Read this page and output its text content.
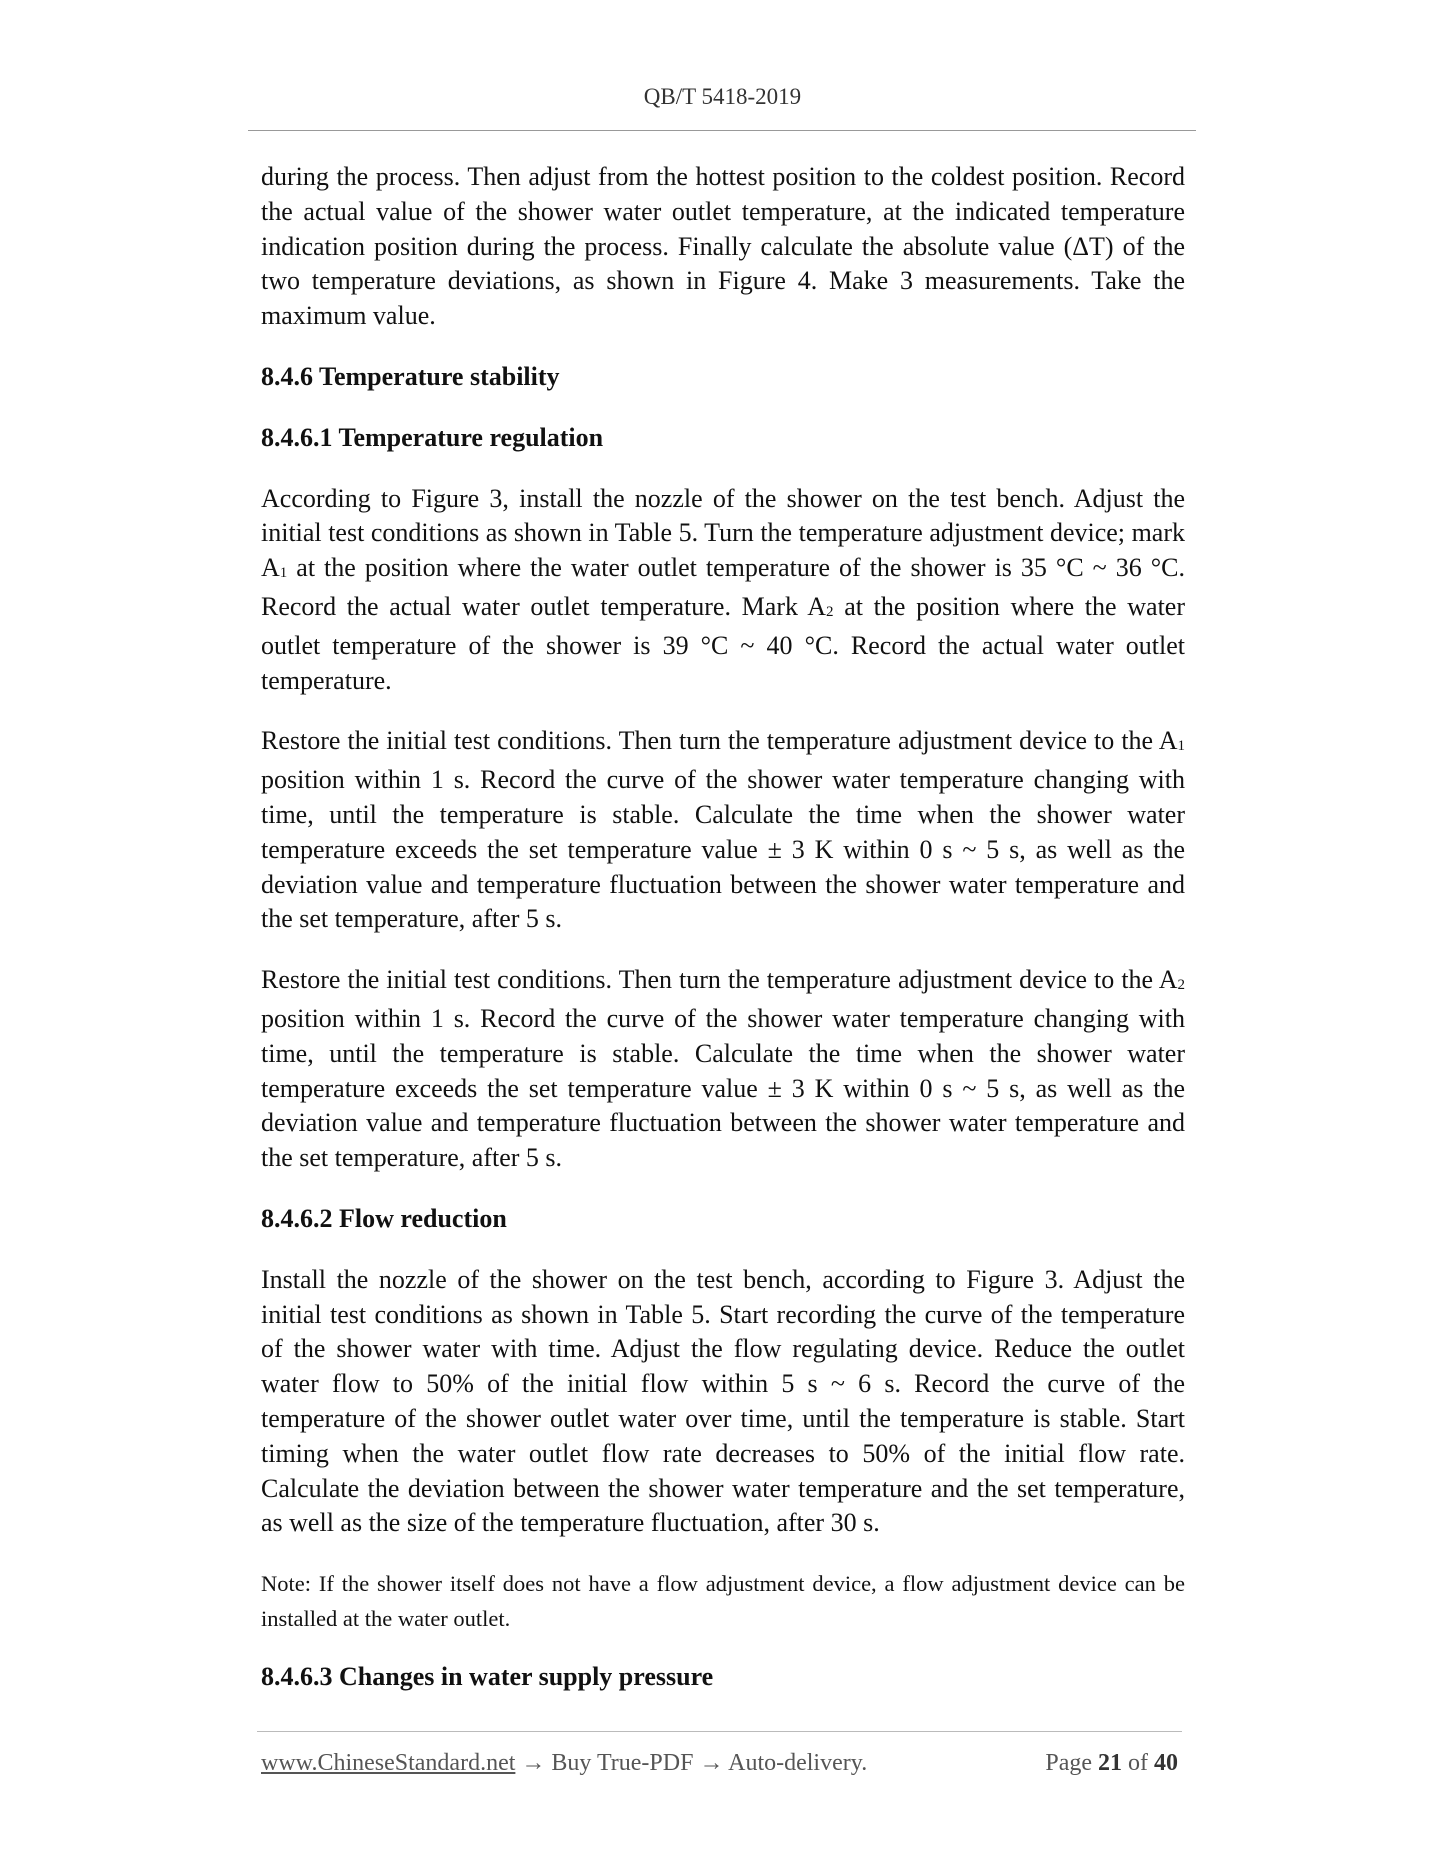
QB/T 5418-2019

during the process. Then adjust from the hottest position to the coldest position. Record the actual value of the shower water outlet temperature, at the indicated temperature indication position during the process. Finally calculate the absolute value (ΔT) of the two temperature deviations, as shown in Figure 4. Make 3 measurements. Take the maximum value.

8.4.6 Temperature stability
8.4.6.1 Temperature regulation

According to Figure 3, install the nozzle of the shower on the test bench. Adjust the initial test conditions as shown in Table 5. Turn the temperature adjustment device; mark $A_1$ at the position where the water outlet temperature of the shower is 35 °C ~ 36 °C. Record the actual water outlet temperature. Mark $A_2$ at the position where the water outlet temperature of the shower is 39 °C ~ 40 °C. Record the actual water outlet temperature.

Restore the initial test conditions. Then turn the temperature adjustment device to the $A_1$ position within 1 s. Record the curve of the shower water temperature changing with time, until the temperature is stable. Calculate the time when the shower water temperature exceeds the set temperature value ± 3 K within 0 s ~ 5 s, as well as the deviation value and temperature fluctuation between the shower water temperature and the set temperature, after 5 s.

Restore the initial test conditions. Then turn the temperature adjustment device to the $A_2$ position within 1 s. Record the curve of the shower water temperature changing with time, until the temperature is stable. Calculate the time when the shower water temperature exceeds the set temperature value ± 3 K within 0 s ~ 5 s, as well as the deviation value and temperature fluctuation between the shower water temperature and the set temperature, after 5 s.

8.4.6.2 Flow reduction

Install the nozzle of the shower on the test bench, according to Figure 3. Adjust the initial test conditions as shown in Table 5. Start recording the curve of the temperature of the shower water with time. Adjust the flow regulating device. Reduce the outlet water flow to 50% of the initial flow within 5 s ~ 6 s. Record the curve of the temperature of the shower outlet water over time, until the temperature is stable. Start timing when the water outlet flow rate decreases to 50% of the initial flow rate. Calculate the deviation between the shower water temperature and the set temperature, as well as the size of the temperature fluctuation, after 30 s.

Note: If the shower itself does not have a flow adjustment device, a flow adjustment device can be installed at the water outlet.

8.4.6.3 Changes in water supply pressure
www.ChineseStandard.net → Buy True-PDF → Auto-delivery.	Page 21 of 40
